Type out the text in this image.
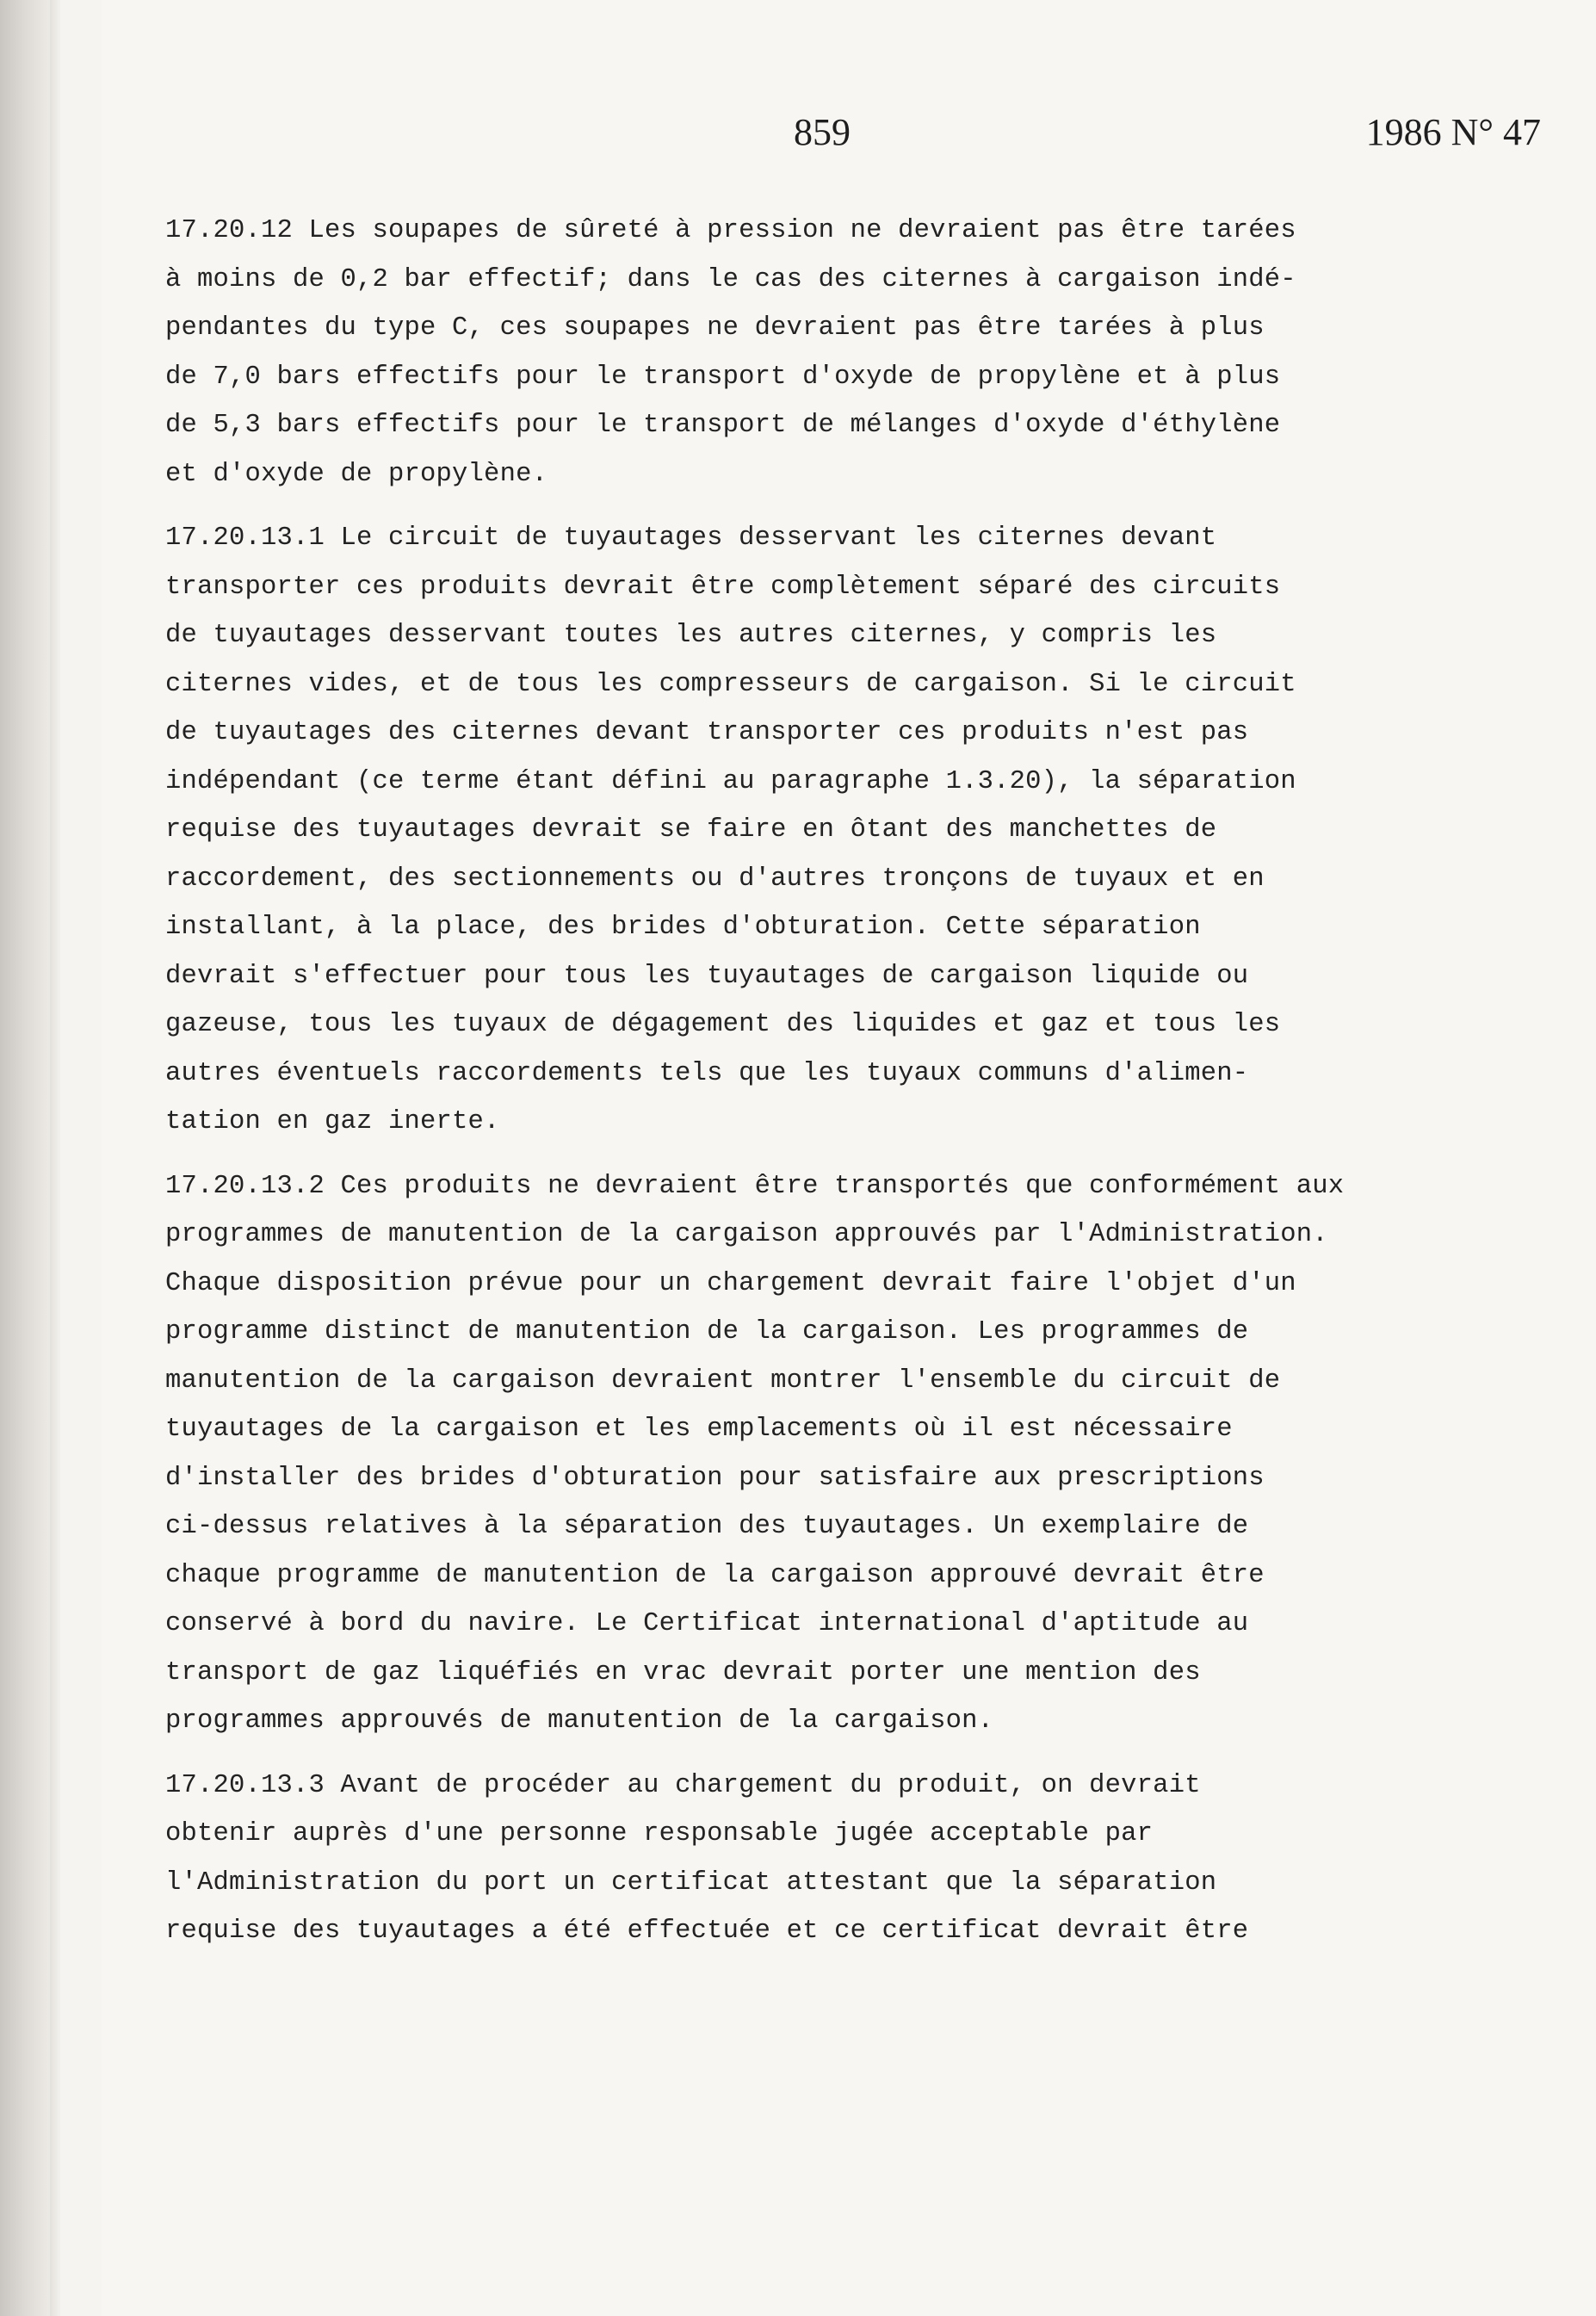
859	1986 N° 47

17.20.12 Les soupapes de sûreté à pression ne devraient pas être tarées
à moins de 0,2 bar effectif; dans le cas des citernes à cargaison indé-
pendantes du type C, ces soupapes ne devraient pas être tarées à plus
de 7,0 bars effectifs pour le transport d'oxyde de propylène et à plus
de 5,3 bars effectifs pour le transport de mélanges d'oxyde d'éthylène
et d'oxyde de propylène.

17.20.13.1 Le circuit de tuyautages desservant les citernes devant
transporter ces produits devrait être complètement séparé des circuits
de tuyautages desservant toutes les autres citernes, y compris les
citernes vides, et de tous les compresseurs de cargaison. Si le circuit
de tuyautages des citernes devant transporter ces produits n'est pas
indépendant (ce terme étant défini au paragraphe 1.3.20), la séparation
requise des tuyautages devrait se faire en ôtant des manchettes de
raccordement, des sectionnements ou d'autres tronçons de tuyaux et en
installant, à la place, des brides d'obturation. Cette séparation
devrait s'effectuer pour tous les tuyautages de cargaison liquide ou
gazeuse, tous les tuyaux de dégagement des liquides et gaz et tous les
autres éventuels raccordements tels que les tuyaux communs d'alimen-
tation en gaz inerte.

17.20.13.2 Ces produits ne devraient être transportés que conformément aux
programmes de manutention de la cargaison approuvés par l'Administration.
Chaque disposition prévue pour un chargement devrait faire l'objet d'un
programme distinct de manutention de la cargaison. Les programmes de
manutention de la cargaison devraient montrer l'ensemble du circuit de
tuyautages de la cargaison et les emplacements où il est nécessaire
d'installer des brides d'obturation pour satisfaire aux prescriptions
ci-dessus relatives à la séparation des tuyautages. Un exemplaire de
chaque programme de manutention de la cargaison approuvé devrait être
conservé à bord du navire. Le Certificat international d'aptitude au
transport de gaz liquéfiés en vrac devrait porter une mention des
programmes approuvés de manutention de la cargaison.

17.20.13.3 Avant de procéder au chargement du produit, on devrait
obtenir auprès d'une personne responsable jugée acceptable par
l'Administration du port un certificat attestant que la séparation
requise des tuyautages a été effectuée et ce certificat devrait être
